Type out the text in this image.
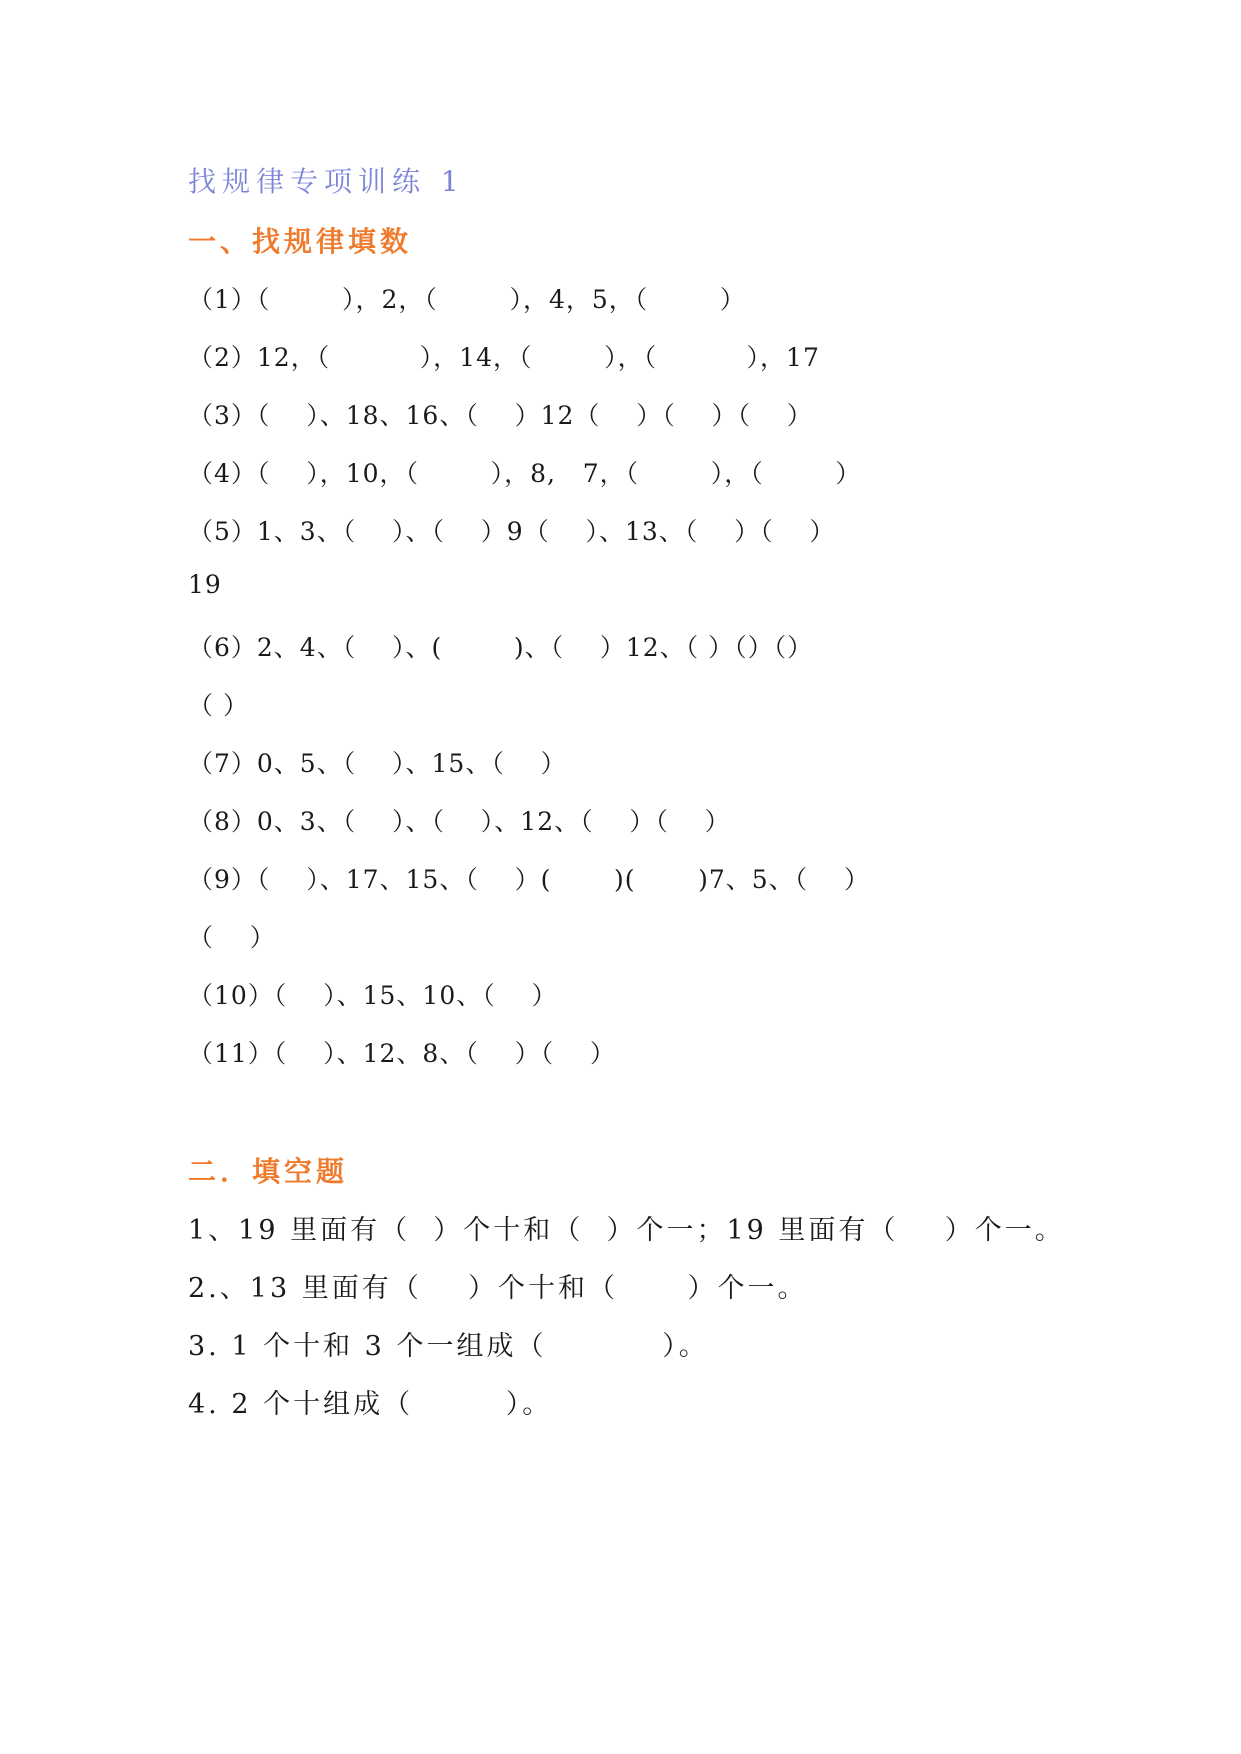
找规律专项训练 1
一、找规律填数
（1）（        ），2，（        ），4，5，（        ）
（2）12，（          ），14，（        ），（          ），17
（3）（    ）、18、16、（    ）12（    ）（    ）（    ）
（4）（    ），10，（        ），8,   7，（        ），（        ）
（5）1、3、（    ）、（    ）9（    ）、13、（    ）（    ）
19
（6）2、4、（    ）、(        )、（    ）12、（ ）（）（）
（ ）
（7）0、5、（    ）、15、（    ）
（8）0、3、（    ）、（    ）、12、（    ）（    ）
（9）（    ）、17、15、（    ）(       )(       )7、5、（    ）
（    ）
（10）（    ）、15、10、（    ）
（11）（    ）、12、8、（    ）（    ）
二．填空题
1、19 里面有（  ）个十和（  ）个一；19 里面有（    ）个一。
2.、13 里面有（    ）个十和（      ）个一。
3. 1 个十和 3 个一组成（          ）。
4. 2 个十组成（        ）。
